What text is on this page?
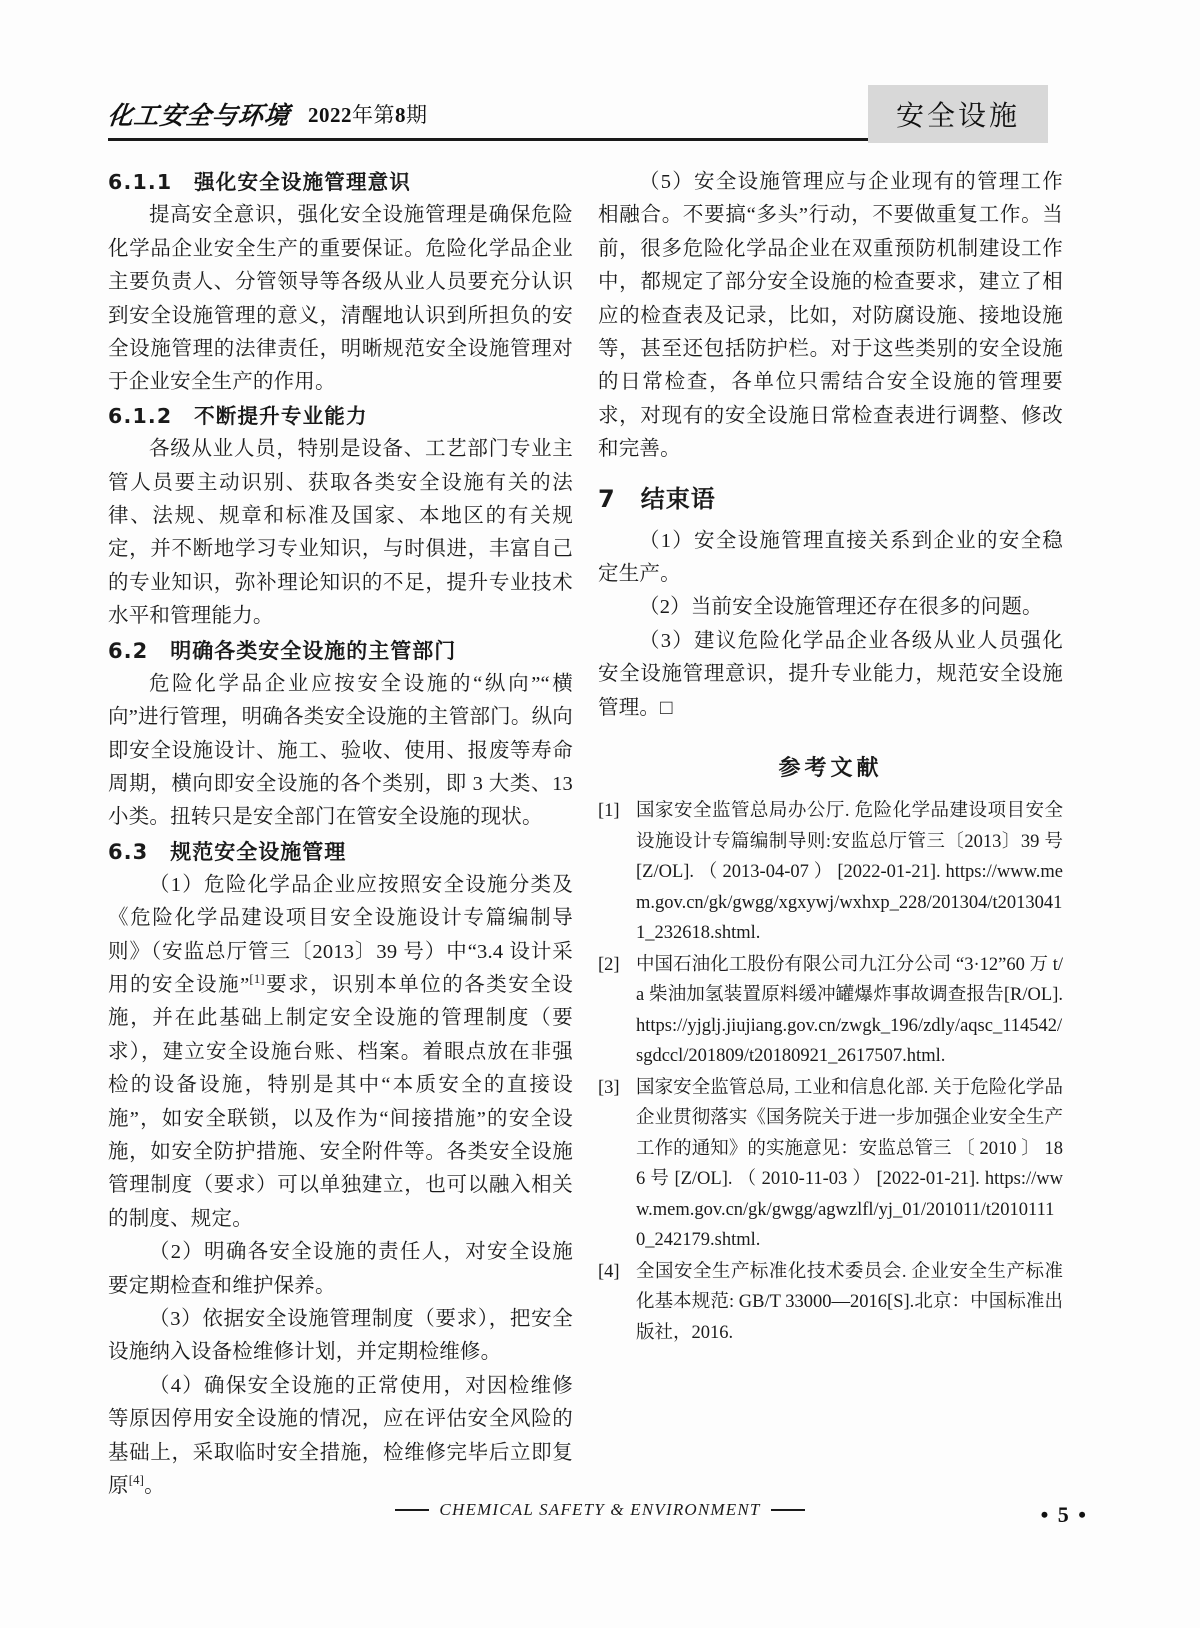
化工安全与环境 2022年第8期	安全设施
6.1.1　强化安全设施管理意识

提高安全意识，强化安全设施管理是确保危险化学品企业安全生产的重要保证。危险化学品企业主要负责人、分管领导等各级从业人员要充分认识到安全设施管理的意义，清醒地认识到所担负的安全设施管理的法律责任，明晰规范安全设施管理对于企业安全生产的作用。

6.1.2　不断提升专业能力

各级从业人员，特别是设备、工艺部门专业主管人员要主动识别、获取各类安全设施有关的法律、法规、规章和标准及国家、本地区的有关规定，并不断地学习专业知识，与时俱进，丰富自己的专业知识，弥补理论知识的不足，提升专业技术水平和管理能力。

6.2　明确各类安全设施的主管部门

危险化学品企业应按安全设施的“纵向”“横向”进行管理，明确各类安全设施的主管部门。纵向即安全设施设计、施工、验收、使用、报废等寿命周期，横向即安全设施的各个类别，即 3 大类、13 小类。扭转只是安全部门在管安全设施的现状。

6.3　规范安全设施管理

（1）危险化学品企业应按照安全设施分类及《危险化学品建设项目安全设施设计专篇编制导则》（安监总厅管三〔2013〕39 号）中“3.4 设计采用的安全设施”[1]要求，识别本单位的各类安全设施，并在此基础上制定安全设施的管理制度（要求），建立安全设施台账、档案。着眼点放在非强检的设备设施，特别是其中“本质安全的直接设施”，如安全联锁，以及作为“间接措施”的安全设施，如安全防护措施、安全附件等。各类安全设施管理制度（要求）可以单独建立，也可以融入相关的制度、规定。

（2）明确各安全设施的责任人，对安全设施要定期检查和维护保养。

（3）依据安全设施管理制度（要求），把安全设施纳入设备检维修计划，并定期检维修。

（4）确保安全设施的正常使用，对因检维修等原因停用安全设施的情况，应在评估安全风险的基础上，采取临时安全措施，检维修完毕后立即复原[4]。

（5）安全设施管理应与企业现有的管理工作相融合。不要搞“多头”行动，不要做重复工作。当前，很多危险化学品企业在双重预防机制建设工作中，都规定了部分安全设施的检查要求，建立了相应的检查表及记录，比如，对防腐设施、接地设施等，甚至还包括防护栏。对于这些类别的安全设施的日常检查，各单位只需结合安全设施的管理要求，对现有的安全设施日常检查表进行调整、修改和完善。

7　结束语

（1）安全设施管理直接关系到企业的安全稳定生产。

（2）当前安全设施管理还存在很多的问题。

（3）建议危险化学品企业各级从业人员强化安全设施管理意识，提升专业能力，规范安全设施管理。□

参考文献
[1] 国家安全监管总局办公厅. 危险化学品建设项目安全设施设计专篇编制导则:安监总厅管三〔2013〕39 号 [Z/OL]. （ 2013-04-07 ） [2022-01-21]. https://www.mem.gov.cn/gk/gwgg/xgxywj/wxhxp_228/201304/t20130411_232618.shtml.
[2] 中国石油化工股份有限公司九江分公司 “3·12”60 万 t/a 柴油加氢装置原料缓冲罐爆炸事故调查报告[R/OL]. https://yjglj.jiujiang.gov.cn/zwgk_196/zdly/aqsc_114542/sgdccl/201809/t20180921_2617507.html.
[3] 国家安全监管总局, 工业和信息化部. 关于危险化学品企业贯彻落实《国务院关于进一步加强企业安全生产工作的通知》的实施意见：安监总管三 〔 2010 〕 186 号 [Z/OL]. （ 2010-11-03 ） [2022-01-21]. https://www.mem.gov.cn/gk/gwgg/agwzlfl/yj_01/201011/t20101110_242179.shtml.
[4] 全国安全生产标准化技术委员会. 企业安全生产标准化基本规范: GB/T 33000—2016[S].北京：中国标准出版社，2016.
CHEMICAL SAFETY & ENVIRONMENT	• 5 •
